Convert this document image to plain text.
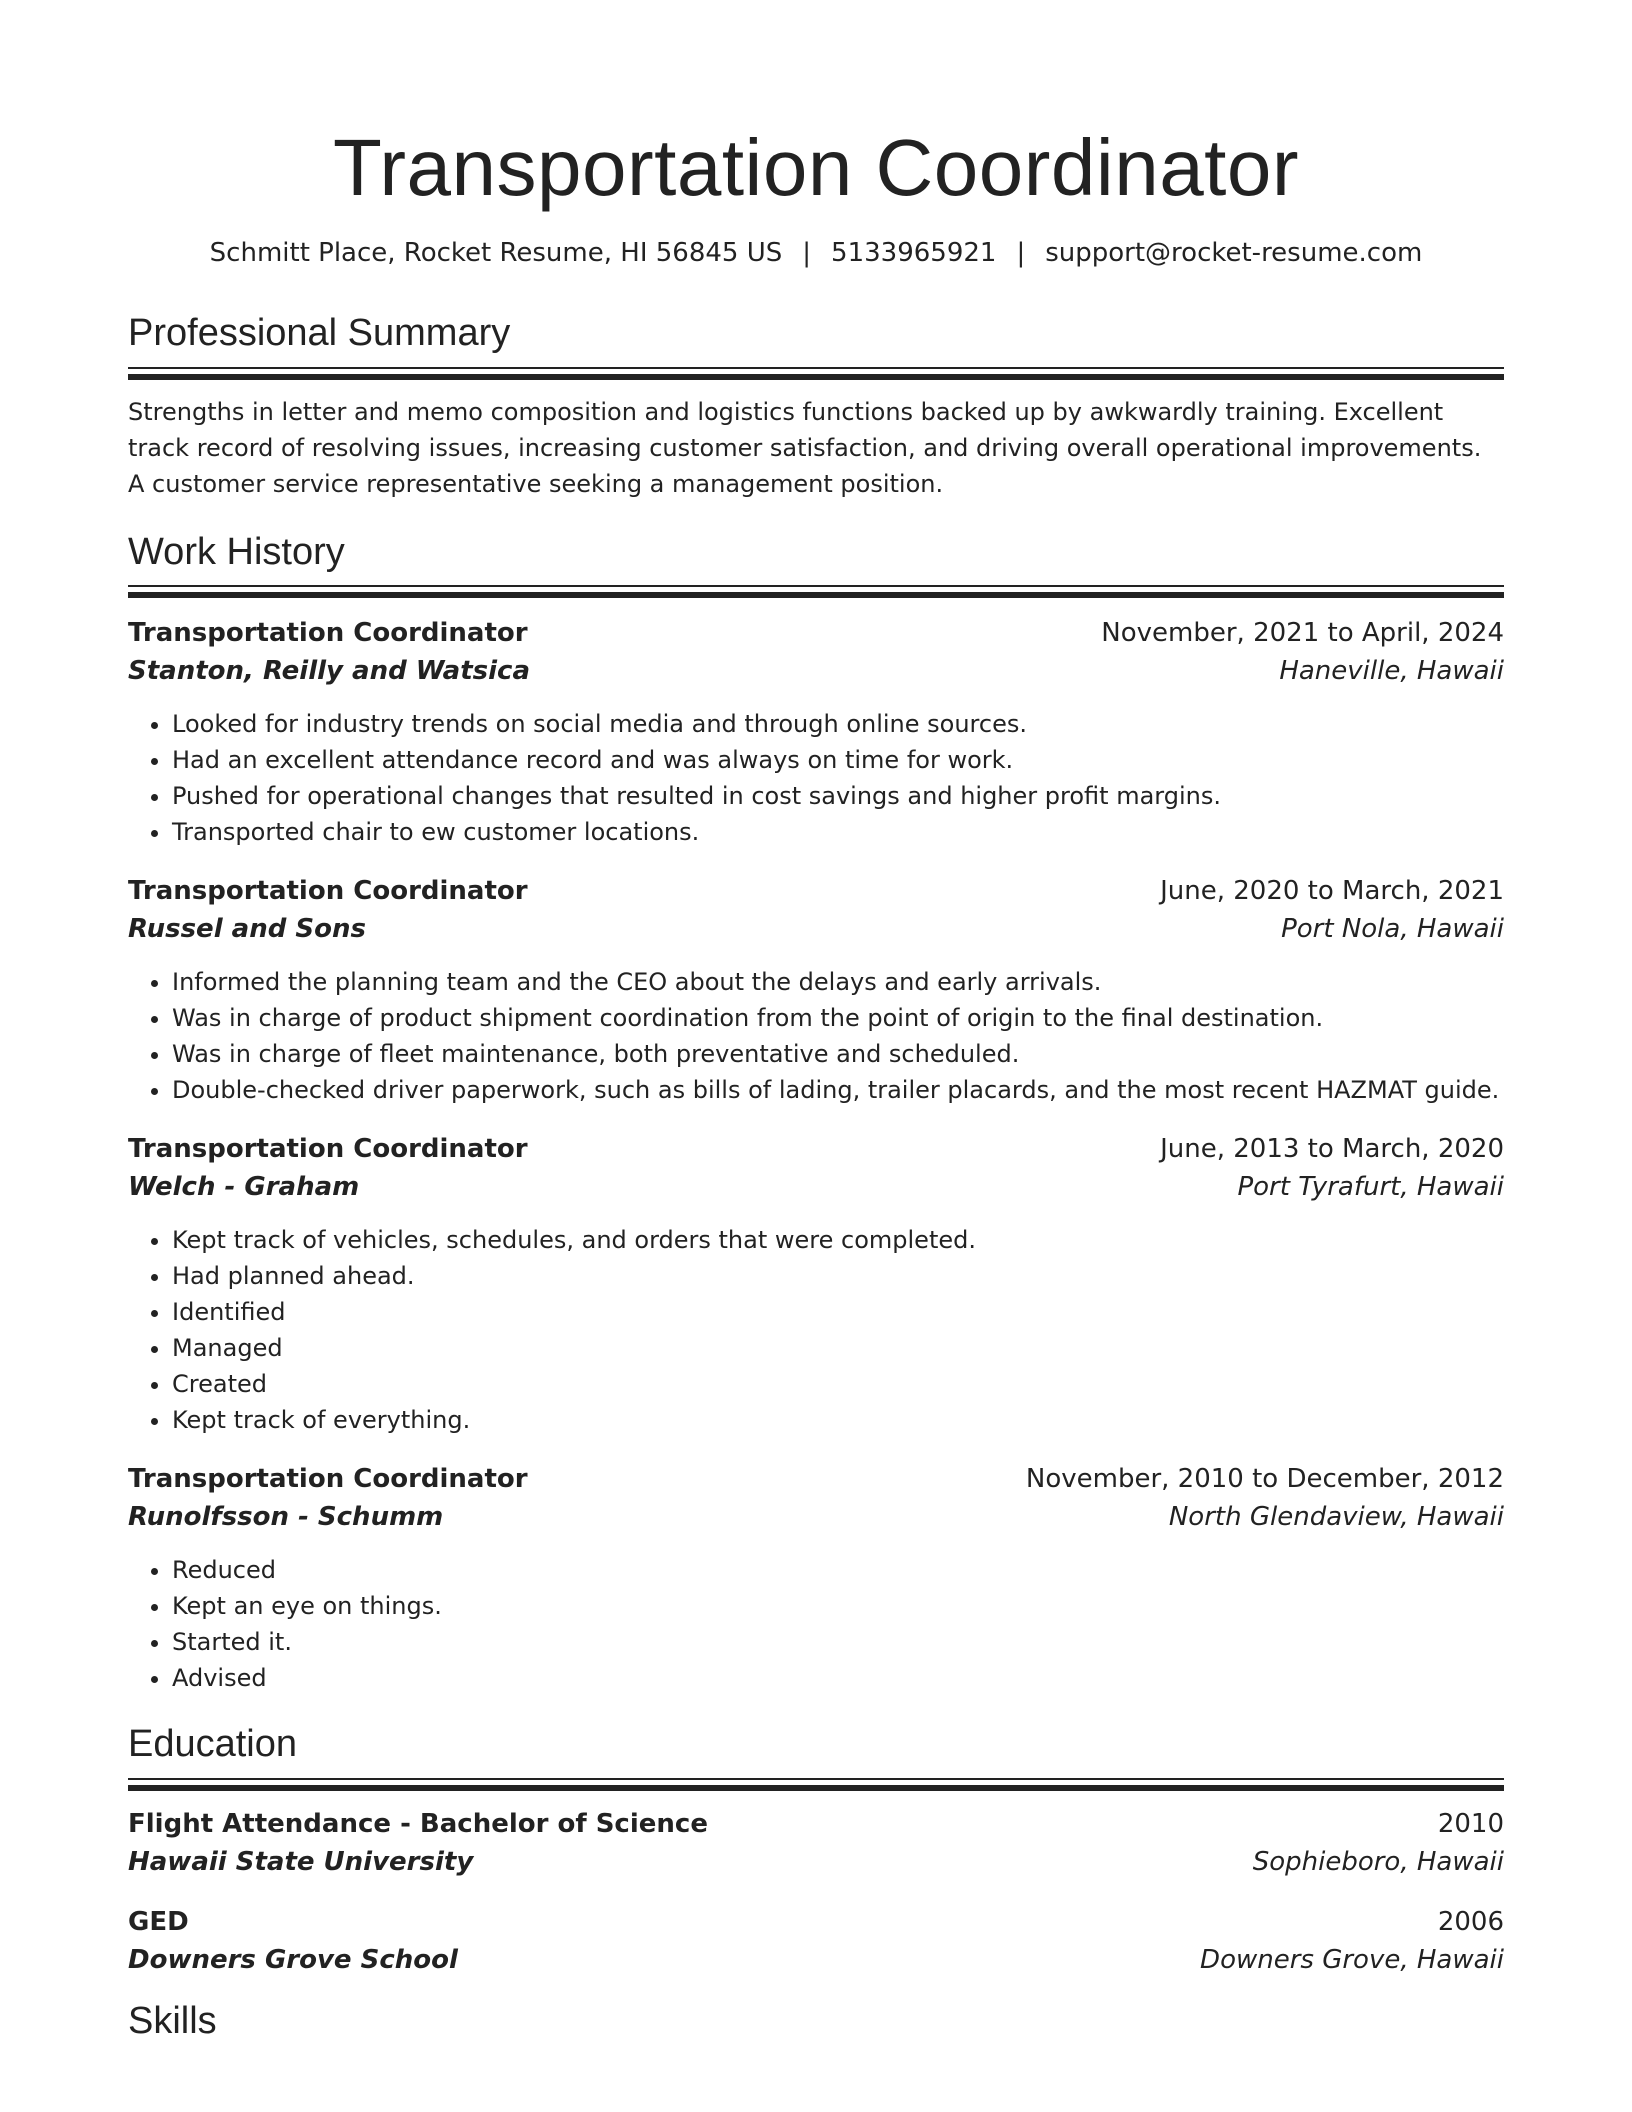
Transportation Coordinator
Schmitt Place, Rocket Resume, HI 56845 US | 5133965921 | support@rocket-resume.com
Professional Summary
Strengths in letter and memo composition and logistics functions backed up by awkwardly training. Excellent track record of resolving issues, increasing customer satisfaction, and driving overall operational improvements. A customer service representative seeking a management position.
Work History
Transportation Coordinator	November, 2021 to April, 2024
Stanton, Reilly and Watsica	Haneville, Hawaii
• Looked for industry trends on social media and through online sources.
• Had an excellent attendance record and was always on time for work.
• Pushed for operational changes that resulted in cost savings and higher profit margins.
• Transported chair to ew customer locations.
Transportation Coordinator	June, 2020 to March, 2021
Russel and Sons	Port Nola, Hawaii
• Informed the planning team and the CEO about the delays and early arrivals.
• Was in charge of product shipment coordination from the point of origin to the final destination.
• Was in charge of fleet maintenance, both preventative and scheduled.
• Double-checked driver paperwork, such as bills of lading, trailer placards, and the most recent HAZMAT guide.
Transportation Coordinator	June, 2013 to March, 2020
Welch - Graham	Port Tyrafurt, Hawaii
• Kept track of vehicles, schedules, and orders that were completed.
• Had planned ahead.
• Identified
• Managed
• Created
• Kept track of everything.
Transportation Coordinator	November, 2010 to December, 2012
Runolfsson - Schumm	North Glendaview, Hawaii
• Reduced
• Kept an eye on things.
• Started it.
• Advised
Education
Flight Attendance - Bachelor of Science	2010
Hawaii State University	Sophieboro, Hawaii
GED	2006
Downers Grove School	Downers Grove, Hawaii
Skills
